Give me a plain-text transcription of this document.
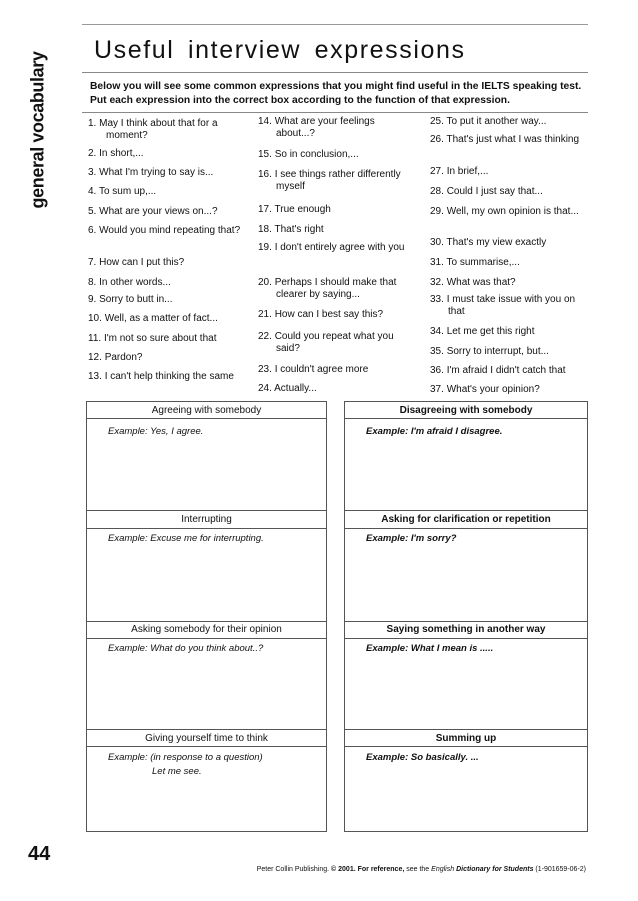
general vocabulary
Useful interview expressions

Below you will see some common expressions that you might find useful in the IELTS speaking test. Put each expression into the correct box according to the function of that expression.

1. May I think about that for a moment?
2. In short,...
3. What I'm trying to say is...
4. To sum up,...
5. What are your views on...?
6. Would you mind repeating that?
7. How can I put this?
8. In other words...
9. Sorry to butt in...
10. Well, as a matter of fact...
11. I'm not so sure about that
12. Pardon?
13. I can't help thinking the same
14. What are your feelings about...?
15. So in conclusion,...
16. I see things rather differently myself
17. True enough
18. That's right
19. I don't entirely agree with you
20. Perhaps I should make that clearer by saying...
21. How can I best say this?
22. Could you repeat what you said?
23. I couldn't agree more
24. Actually...
25. To put it another way...
26. That's just what I was thinking
27. In brief,...
28. Could I just say that...
29. Well, my own opinion is that...
30. That's my view exactly
31. To summarise,...
32. What was that?
33. I must take issue with you on that
34. Let me get this right
35. Sorry to interrupt, but...
36. I'm afraid I didn't catch that
37. What's your opinion?
Agreeing with somebody
Example: Yes, I agree.
Interrupting
Example: Excuse me for interrupting.
Asking somebody for their opinion
Example: What do you think about..?
Giving yourself time to think
Example: (in response to a question)
Let me see.
Disagreeing with somebody
Example: I'm afraid I disagree.
Asking for clarification or repetition
Example: I'm sorry?
Saying something in another way
Example: What I mean is .....
Summing up
Example: So basically. ...
44
Peter Collin Publishing. © 2001. For reference, see the English Dictionary for Students (1-901659-06-2)
